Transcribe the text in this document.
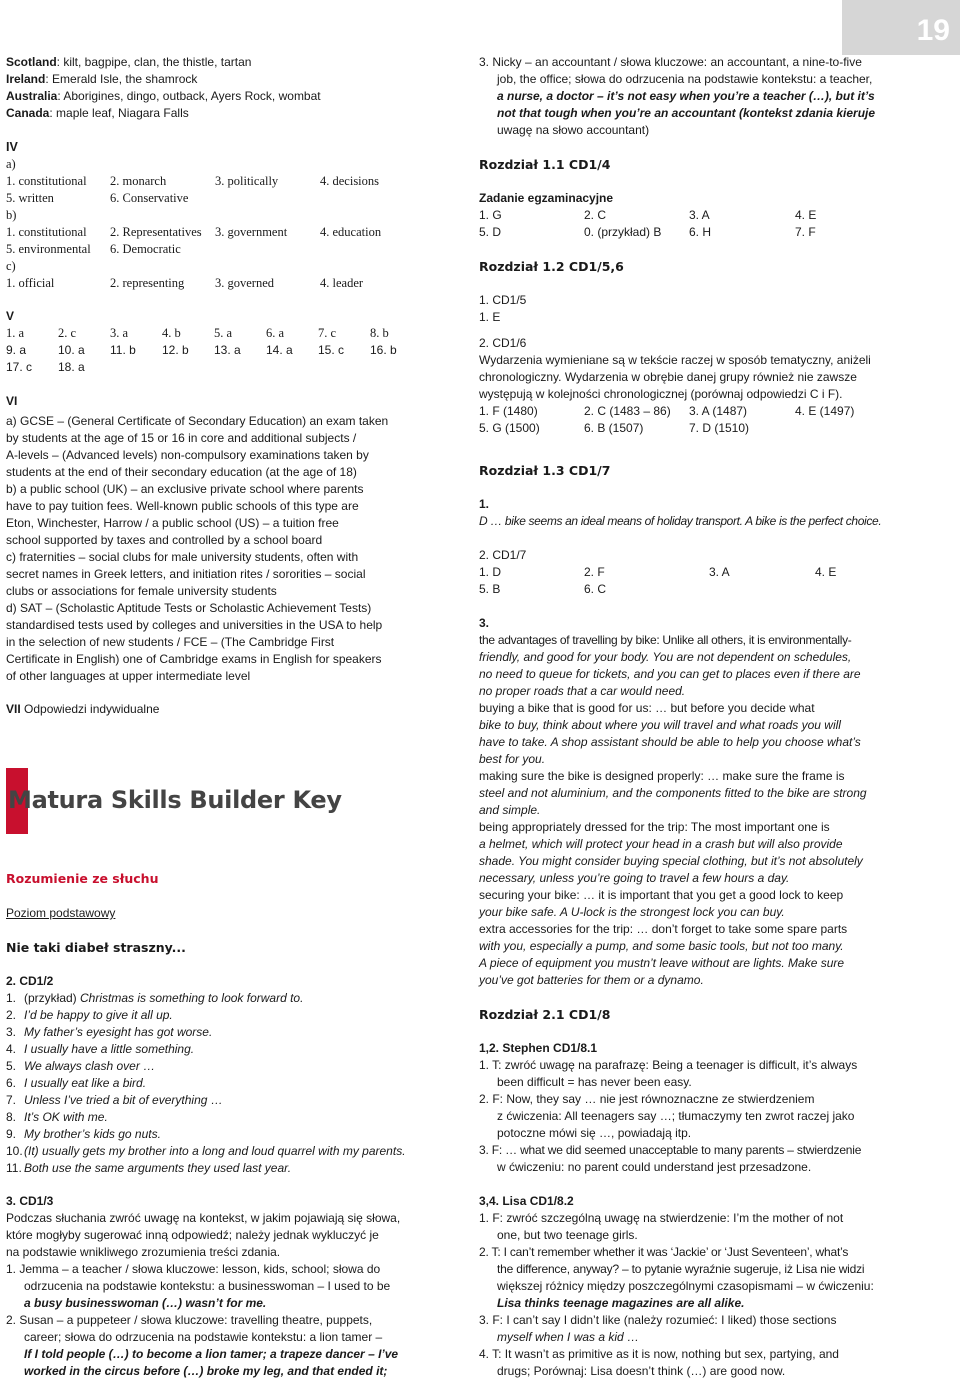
19
Scotland: kilt, bagpipe, clan, the thistle, tartan
Ireland: Emerald Isle, the shamrock
Australia: Aborigines, dingo, outback, Ayers Rock, wombat
Canada: maple leaf, Niagara Falls
IV
a)
1. constitutional 2. monarch	3. politically	4. decisions
5. written	6. Conservative
b)
1. constitutional 2. Representatives 3. government	4. education
5. environmental 6. Democratic
c)
1. official	2. representing 3. governed	4. leader
V
1. a	2. c	3. a	4. b	5. a	6. a	7. c	8. b
9. a	10. a 11. b 12. b 13. a 14. a 15. c 16. b
17. c 18. a
VI
a) GCSE – (General Certificate of Secondary Education) an exam taken
by students at the age of 15 or 16 in core and additional subjects /
A-levels – (Advanced levels) non-compulsory examinations taken by
students at the end of their secondary education (at the age of 18)
b) a public school (UK) – an exclusive private school where parents
have to pay tuition fees. Well-known public schools of this type are
Eton, Winchester, Harrow / a public school (US) – a tuition free
school supported by taxes and controlled by a school board
c) fraternities – social clubs for male university students, often with
secret names in Greek letters, and initiation rites / sororities – social
clubs or associations for female university students
d) SAT – (Scholastic Aptitude Tests or Scholastic Achievement Tests)
standardised tests used by colleges and universities in the USA to help
in the selection of new students / FCE – (The Cambridge First
Certificate in English) one of Cambridge exams in English for speakers
of other languages at upper intermediate level
VII Odpowiedzi indywidualne
Rozumienie ze słuchu
Poziom podstawowy
Nie taki diabeł straszny...
2. CD1/2
1. (przykład) Christmas is something to look forward to.
2. I’d be happy to give it all up.
3. My father’s eyesight has got worse.
4. I usually have a little something.
5. We always clash over …
6. I usually eat like a bird.
7. Unless I’ve tried a bit of everything …
8. It’s OK with me.
9. My brother’s kids go nuts.
10.(It) usually gets my brother into a long and loud quarrel with my parents.
11. Both use the same arguments they used last year.
3. CD1/3
Podczas słuchania zwróć uwagę na kontekst, w jakim pojawiają się słowa,
które mogłyby sugerować inną odpowiedź; należy jednak wykluczyć je
na podstawie wnikliwego zrozumienia treści zdania.
1. Jemma – a teacher / słowa kluczowe: lesson, kids, school; słowa do
odrzucenia na podstawie kontekstu: a businesswoman – I used to be
a busy businesswoman (…) wasn’t for me.
2. Susan – a puppeteer / słowa kluczowe: travelling theatre, puppets,
career; słowa do odrzucenia na podstawie kontekstu: a lion tamer –
If I told people (…) to become a lion tamer; a trapeze dancer – I’ve
worked in the circus before (…) broke my leg, and that ended it;
Matura Skills Builder Key
3. Nicky – an accountant / słowa kluczowe: an accountant, a nine-to-five
job, the office; słowa do odrzucenia na podstawie kontekstu: a teacher,
a nurse, a doctor – it’s not easy when you’re a teacher (…), but it’s
not that tough when you’re an accountant (kontekst zdania kieruje
uwagę na słowo accountant)
Rozdział 1.1 CD1/4
Zadanie egzaminacyjne
1. G	2. C	3. A	4. E
5. D	0. (przykład) B 6. H	7. F
Rozdział 1.2 CD1/5,6
1. CD1/5
1. E
2. CD1/6
Wydarzenia wymieniane są w tekście raczej w sposób tematyczny, aniżeli
chronologiczny. Wydarzenia w obrębie danej grupy również nie zawsze
występują w kolejności chronologicznej (porównaj odpowiedzi C i F).
1. F (1480)	2. C (1483 – 86) 3. A (1487)	4. E (1497)
5. G (1500)	6. B (1507)	7. D (1510)
Rozdział 1.3 CD1/7
1.
D … bike seems an ideal means of holiday transport. A bike is the perfect choice.
2. CD1/7
1. D	2. F	3. A	4. E
5. B	6. C
3.
the advantages of travelling by bike: Unlike all others, it is environmentally-
friendly, and good for your body. You are not dependent on schedules,
no need to queue for tickets, and you can get to places even if there are
no proper roads that a car would need.
buying a bike that is good for us: … but before you decide what
bike to buy, think about where you will travel and what roads you will
have to take. A shop assistant should be able to help you choose what’s
best for you.
making sure the bike is designed properly: … make sure the frame is
steel and not aluminium, and the components fitted to the bike are strong
and simple.
being appropriately dressed for the trip: The most important one is
a helmet, which will protect your head in a crash but will also provide
shade. You might consider buying special clothing, but it’s not absolutely
necessary, unless you’re going to travel a few hours a day.
securing your bike: … it is important that you get a good lock to keep
your bike safe. A U-lock is the strongest lock you can buy.
extra accessories for the trip: … don’t forget to take some spare parts
with you, especially a pump, and some basic tools, but not too many.
A piece of equipment you mustn’t leave without are lights. Make sure
you’ve got batteries for them or a dynamo.
Rozdział 2.1 CD1/8
1,2. Stephen CD1/8.1
1. T: zwróć uwagę na parafrazę: Being a teenager is difficult, it’s always
been difficult = has never been easy.
2. F: Now, they say … nie jest równoznaczne ze stwierdzeniem
z ćwiczenia: All teenagers say …; tłumaczymy ten zwrot raczej jako
potoczne mówi się …, powiadają itp.
3. F: … what we did seemed unacceptable to many parents – stwierdzenie
w ćwiczeniu: no parent could understand jest przesadzone.
3,4. Lisa CD1/8.2
1. F: zwróć szczególną uwagę na stwierdzenie: I’m the mother of not
one, but two teenage girls.
2. T: I can’t remember whether it was ‘Jackie’ or ‘Just Seventeen’, what’s
the difference, anyway? – to pytanie wyraźnie sugeruje, iż Lisa nie widzi
większej różnicy między poszczególnymi czasopismami – w ćwiczeniu:
Lisa thinks teenage magazines are all alike.
3. F: I can’t say I didn’t like (należy rozumieć: I liked) those sections
myself when I was a kid …
4. T: It wasn’t as primitive as it is now, nothing but sex, partying, and
drugs; Porównaj: Lisa doesn’t think (…) are good now.
